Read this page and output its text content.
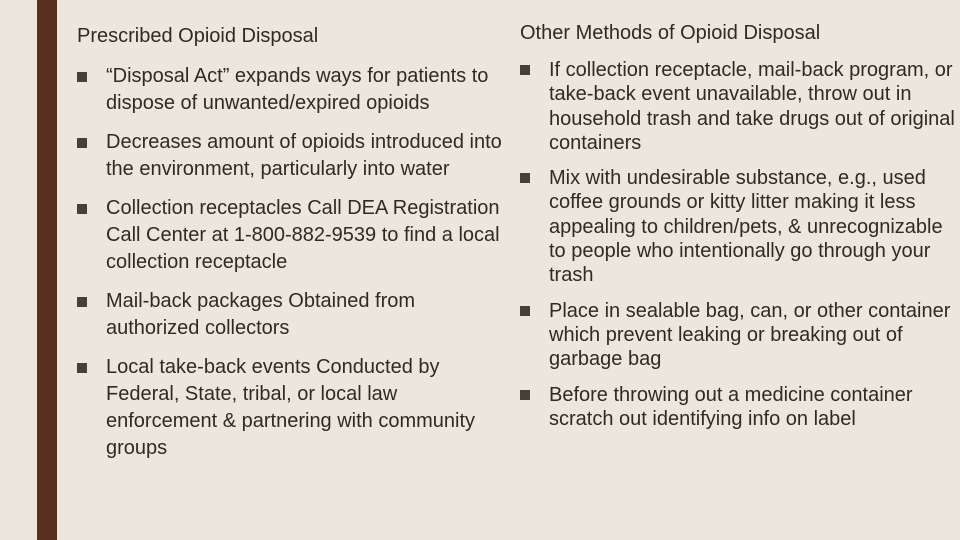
Prescribed Opioid Disposal
“Disposal Act” expands ways for patients to dispose of unwanted/expired opioids
Decreases amount of opioids introduced into the environment, particularly into water
Collection receptacles Call DEA Registration Call Center at 1-800-882-9539 to find a local collection receptacle
Mail-back packages Obtained from authorized collectors
Local take-back events Conducted by Federal, State, tribal, or local law enforcement & partnering with community groups
Other Methods of Opioid Disposal
If collection receptacle, mail-back program, or take-back event unavailable, throw out in household trash and take drugs out of original containers
Mix with undesirable substance, e.g., used coffee grounds or kitty litter making it less appealing to children/pets, & unrecognizable to people who intentionally go through your trash
Place in sealable bag, can, or other container which prevent leaking or breaking out of garbage bag
Before throwing out a medicine container scratch out identifying info on label
